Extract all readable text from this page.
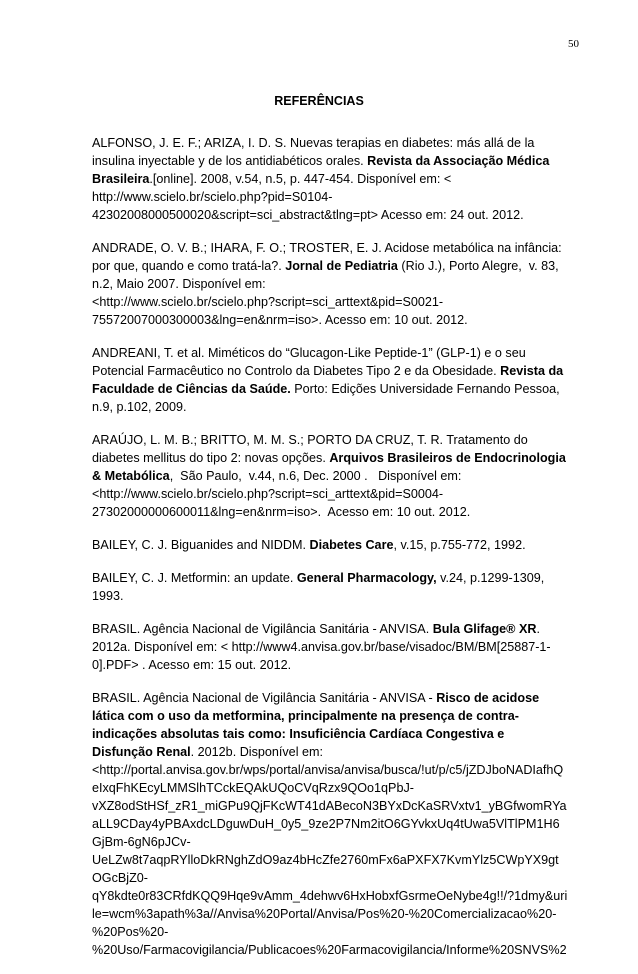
50
REFERÊNCIAS

ALFONSO, J. E. F.; ARIZA, I. D. S. Nuevas terapias en diabetes: más allá de la

insulina inyectable y de los antidiabéticos orales. Revista da Associação Médica

Brasileira.[online]. 2008, v.54, n.5, p. 447-454. Disponível em: <

http://www.scielo.br/scielo.php?pid=S0104-

42302008000500020&script=sci_abstract&tlng=pt> Acesso em: 24 out. 2012.

ANDRADE, O. V. B.; IHARA, F. O.; TROSTER, E. J. Acidose metabólica na infância:

por que, quando e como tratá-la?. Jornal de Pediatria (Rio J.), Porto Alegre,  v. 83,

n.2, Maio 2007. Disponível em:

<http://www.scielo.br/scielo.php?script=sci_arttext&pid=S0021-

75572007000300003&lng=en&nrm=iso>. Acesso em: 10 out. 2012.

ANDREANI, T. et al. Miméticos do “Glucagon-Like Peptide-1” (GLP-1) e o seu

Potencial Farmacêutico no Controlo da Diabetes Tipo 2 e da Obesidade. Revista da

Faculdade de Ciências da Saúde. Porto: Edições Universidade Fernando Pessoa,

n.9, p.102, 2009.

ARAÚJO, L. M. B.; BRITTO, M. M. S.; PORTO DA CRUZ, T. R. Tratamento do

diabetes mellitus do tipo 2: novas opções. Arquivos Brasileiros de Endocrinologia

& Metabólica,  São Paulo,  v.44, n.6, Dec. 2000 .   Disponível em:

<http://www.scielo.br/scielo.php?script=sci_arttext&pid=S0004-

27302000000600011&lng=en&nrm=iso>.  Acesso em: 10 out. 2012.

BAILEY, C. J. Biguanides and NIDDM. Diabetes Care, v.15, p.755-772, 1992.

BAILEY, C. J. Metformin: an update. General Pharmacology, v.24, p.1299-1309,

1993.

BRASIL. Agência Nacional de Vigilância Sanitária - ANVISA. Bula Glifage® XR.

2012a. Disponível em: < http://www4.anvisa.gov.br/base/visadoc/BM/BM[25887-1-

0].PDF> . Acesso em: 15 out. 2012.

BRASIL. Agência Nacional de Vigilância Sanitária - ANVISA - Risco de acidose

lática com o uso da metformina, principalmente na presença de contra-

indicações absolutas tais como: Insuficiência Cardíaca Congestiva e

Disfunção Renal. 2012b. Disponível em:

<http://portal.anvisa.gov.br/wps/portal/anvisa/anvisa/busca/!ut/p/c5/jZDJboNADIafhQ

eIxqFhKEcyLMMSlhTCckEQAkUQoCVqRzx9QOo1qPbJ-

vXZ8odStHSf_zR1_miGPu9QjFKcWT41dABecoN3BYxDcKaSRVxtv1_yBGfwomRYa

aLL9CDay4yPBAxdcLDguwDuH_0y5_9ze2P7Nm2itO6GYvkxUq4tUwa5VlTlPM1H6

GjBm-6gN6pJCv-

UeLZw8t7aqpRYlloDkRNghZdO9az4bHcZfe2760mFx6aPXFX7KvmYlz5CWpYX9gt

OGcBjZ0-

qY8kdte0r83CRfdKQQ9Hqe9vAmm_4dehwv6HxHobxfGsrmeOeNybe4g!!/?1dmy&uri

le=wcm%3apath%3a//Anvisa%20Portal/Anvisa/Pos%20-%20Comercializacao%20-

%20Pos%20-

%20Uso/Farmacovigilancia/Publicacoes%20Farmacovigilancia/Informe%20SNVS%2
